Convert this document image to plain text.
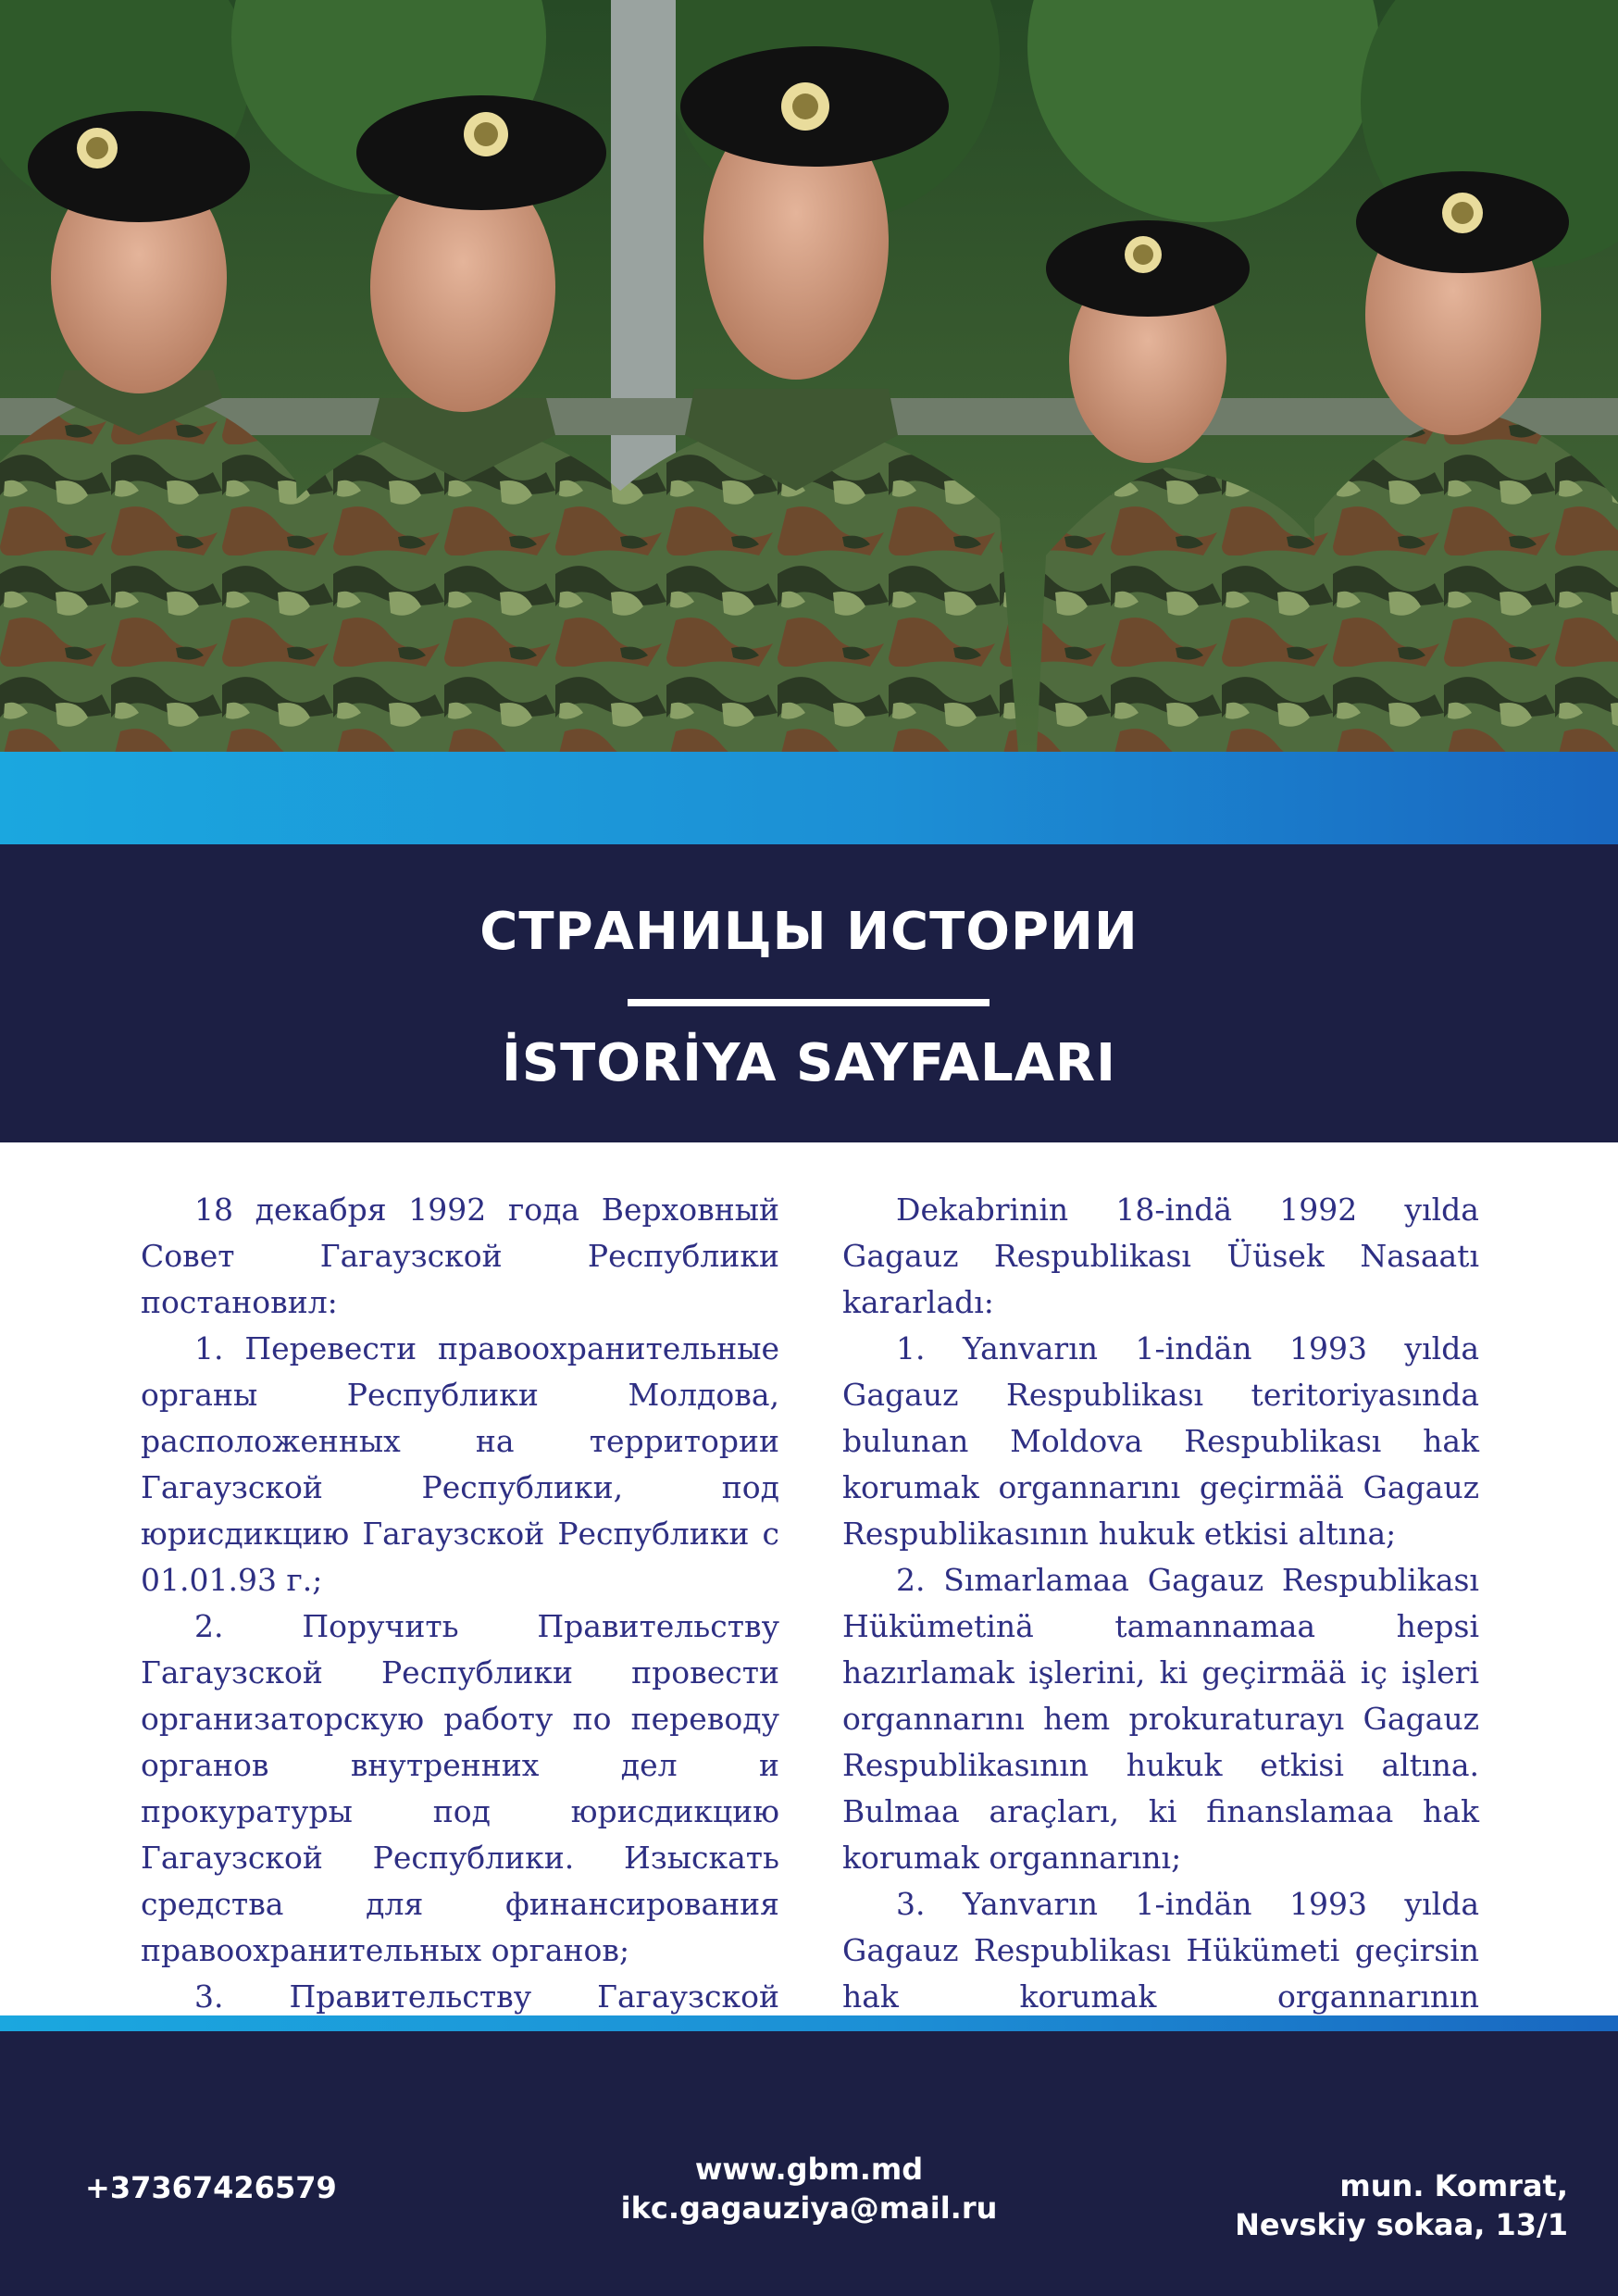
СТРАНИЦЫ ИСТОРИИ
İSTORİYA SAYFALARI

18 декабря 1992 года Верховный Совет Гагаузской Республики постановил:

1. Перевести правоохранительные органы Республики Молдова, расположенных на территории Гагаузской Республики, под юрисдикцию Гагаузской Республики с 01.01.93 г.;

2. Поручить Правительству Гагаузской Республики провести организаторскую работу по переводу органов внутренних дел и прокуратуры под юрисдикцию Гагаузской Республики. Изыскать средства для финансирования правоохранительных органов;

3. Правительству Гагаузской

Dekabrinin 18-indä 1992 yılda Gagauz Respublikası Üüsek Nasaatı kararladı:

1. Yanvarın 1-indän 1993 yılda Gagauz Respublikası teritoriyasında bulunan Moldova Respublikası hak korumak organnarını geçirmää Gagauz Respublikasının hukuk etkisi altına;

2. Sımarlamaa Gagauz Respublikası Hükümetinä tamannamaa hepsi hazırlamak işlerini, ki geçirmää iç işleri organnarını hem prokuraturayı Gagauz Respublikasının hukuk etkisi altına. Bulmaa araçları, ki finanslamaa hak korumak organnarını;

3. Yanvarın 1-indän 1993 yılda Gagauz Respublikası Hükümeti geçirsin hak korumak organnarının

+37367426579
www.gbm.md
ikc.gagauziya@mail.ru
mun. Komrat,
Nevskiy sokaa, 13/1
